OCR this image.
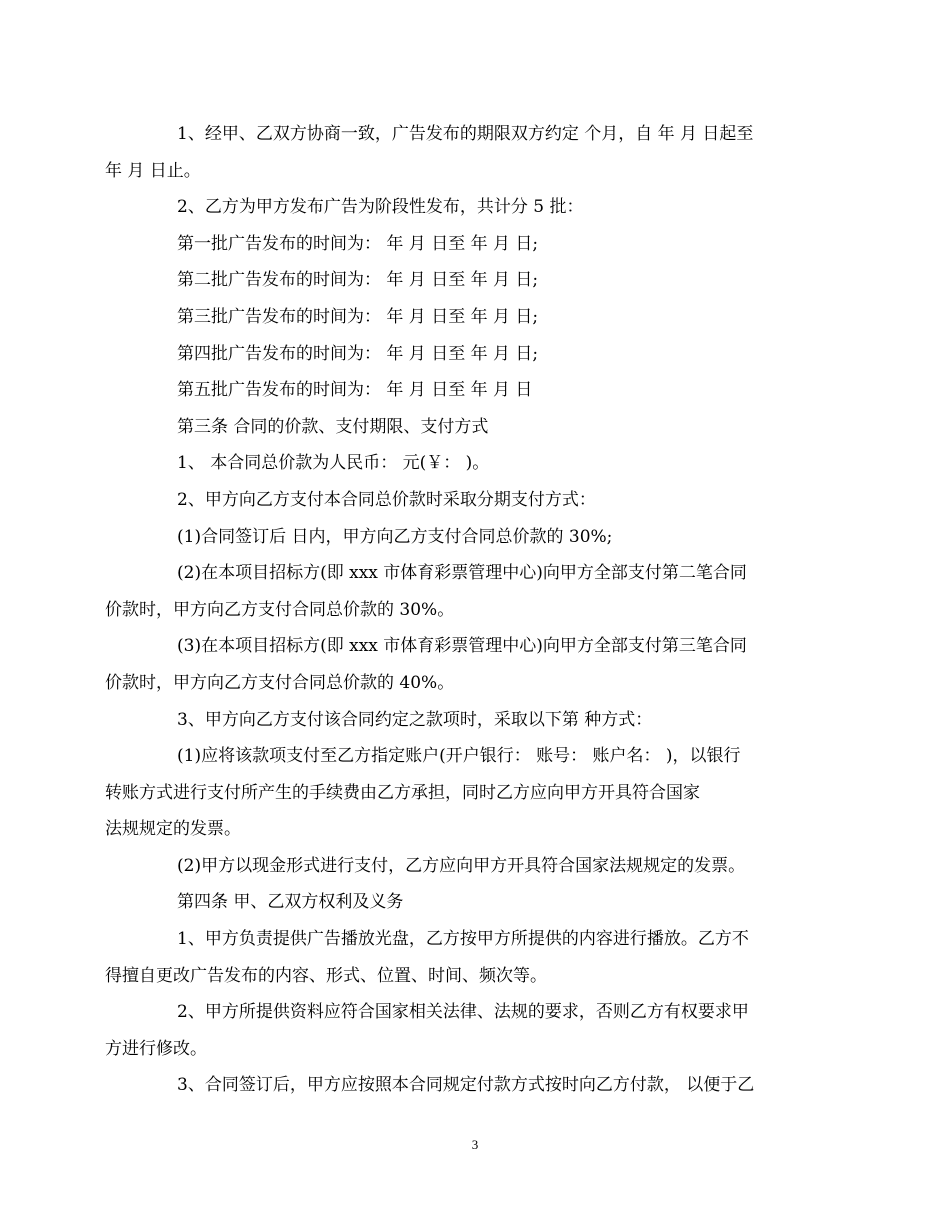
1、经甲、乙双方协商一致，广告发布的期限双方约定 个月，自 年 月 日起至
年 月 日止。

2、乙方为甲方发布广告为阶段性发布，共计分 5 批：

第一批广告发布的时间为： 年 月 日至 年 月 日;

第二批广告发布的时间为： 年 月 日至 年 月 日;

第三批广告发布的时间为： 年 月 日至 年 月 日;

第四批广告发布的时间为： 年 月 日至 年 月 日;

第五批广告发布的时间为： 年 月 日至 年 月 日

第三条 合同的价款、支付期限、支付方式

1、 本合同总价款为人民币： 元(￥： )。

2、甲方向乙方支付本合同总价款时采取分期支付方式：

(1)合同签订后 日内，甲方向乙方支付合同总价款的 30%;

(2)在本项目招标方(即 xxx 市体育彩票管理中心)向甲方全部支付第二笔合同
价款时，甲方向乙方支付合同总价款的 30%。

(3)在本项目招标方(即 xxx 市体育彩票管理中心)向甲方全部支付第三笔合同
价款时，甲方向乙方支付合同总价款的 40%。

3、甲方向乙方支付该合同约定之款项时，采取以下第 种方式：

(1)应将该款项支付至乙方指定账户(开户银行： 账号： 账户名： )，以银行
转账方式进行支付所产生的手续费由乙方承担，同时乙方应向甲方开具符合国家
法规规定的发票。

(2)甲方以现金形式进行支付，乙方应向甲方开具符合国家法规规定的发票。

第四条 甲、乙双方权利及义务

1、甲方负责提供广告播放光盘，乙方按甲方所提供的内容进行播放。乙方不
得擅自更改广告发布的内容、形式、位置、时间、频次等。

2、甲方所提供资料应符合国家相关法律、法规的要求，否则乙方有权要求甲
方进行修改。

3、合同签订后，甲方应按照本合同规定付款方式按时向乙方付款， 以便于乙

3
